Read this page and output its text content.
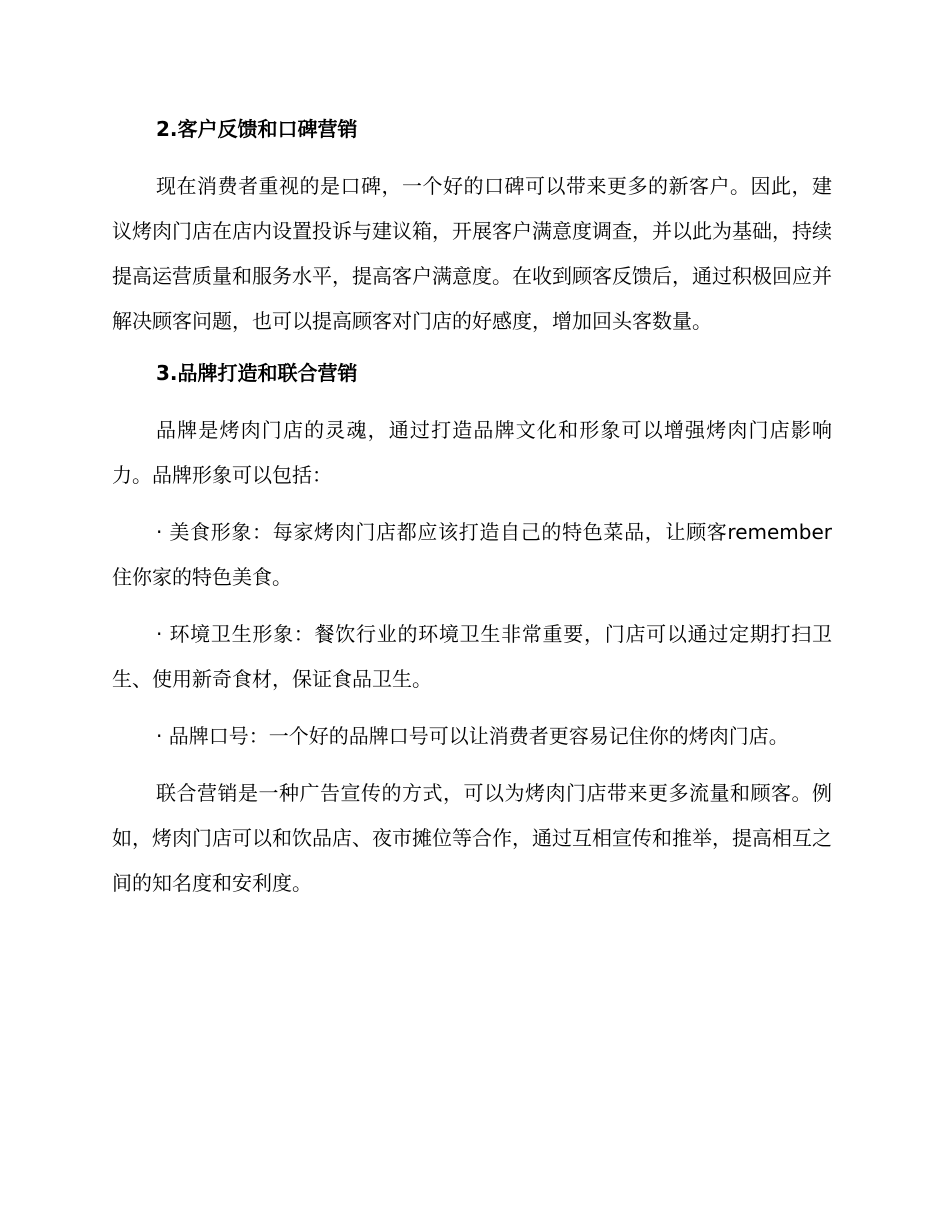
2.客户反馈和口碑营销

现在消费者重视的是口碑，一个好的口碑可以带来更多的新客户。因此，建议烤肉门店在店内设置投诉与建议箱，开展客户满意度调查，并以此为基础，持续提高运营质量和服务水平，提高客户满意度。在收到顾客反馈后，通过积极回应并解决顾客问题，也可以提高顾客对门店的好感度，增加回头客数量。

3.品牌打造和联合营销

品牌是烤肉门店的灵魂，通过打造品牌文化和形象可以增强烤肉门店影响力。品牌形象可以包括：

· 美食形象：每家烤肉门店都应该打造自己的特色菜品，让顾客remember 住你家的特色美食。

· 环境卫生形象：餐饮行业的环境卫生非常重要，门店可以通过定期打扫卫生、使用新奇食材，保证食品卫生。

· 品牌口号：一个好的品牌口号可以让消费者更容易记住你的烤肉门店。

联合营销是一种广告宣传的方式，可以为烤肉门店带来更多流量和顾客。例如，烤肉门店可以和饮品店、夜市摊位等合作，通过互相宣传和推举，提高相互之间的知名度和安利度。
